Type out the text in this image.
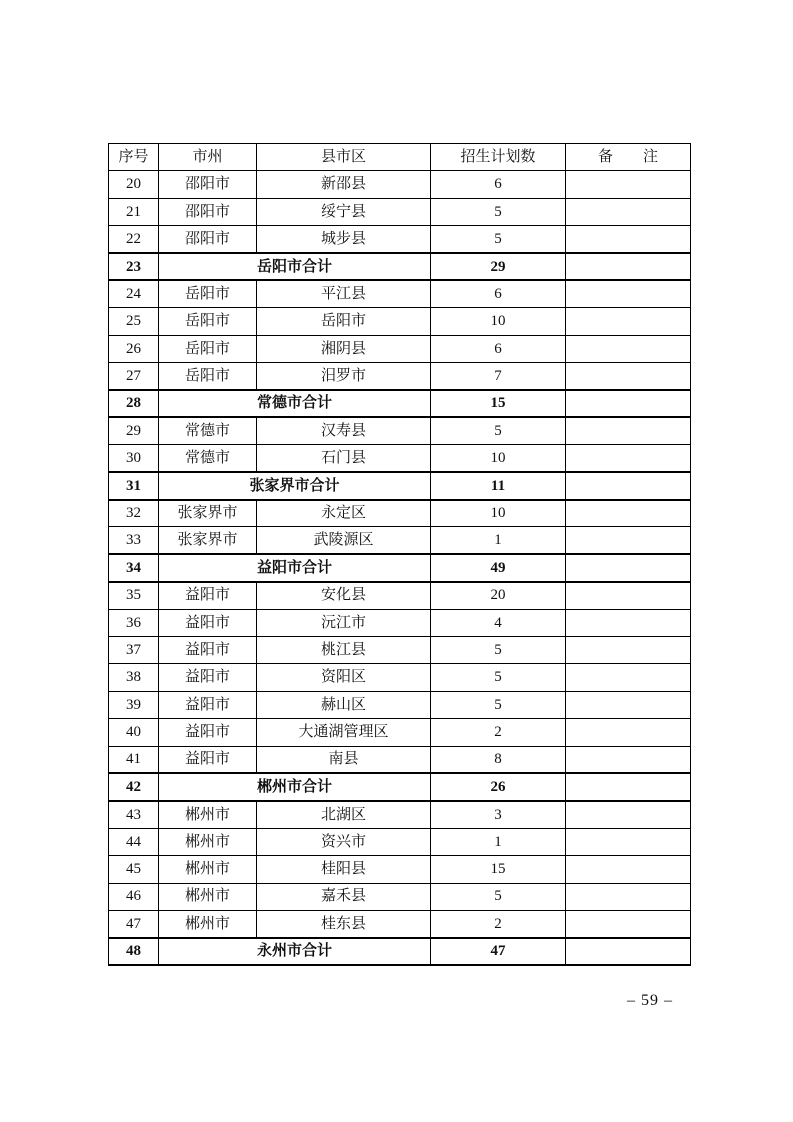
序号	市州	县市区	招生计划数	备　　注
20	邵阳市	新邵县	6	
21	邵阳市	绥宁县	5	
22	邵阳市	城步县	5	
23	岳阳市合计		29	
24	岳阳市	平江县	6	
25	岳阳市	岳阳市	10	
26	岳阳市	湘阴县	6	
27	岳阳市	汨罗市	7	
28	常德市合计		15	
29	常德市	汉寿县	5	
30	常德市	石门县	10	
31	张家界市合计		11	
32	张家界市	永定区	10	
33	张家界市	武陵源区	1	
34	益阳市合计		49	
35	益阳市	安化县	20	
36	益阳市	沅江市	4	
37	益阳市	桃江县	5	
38	益阳市	资阳区	5	
39	益阳市	赫山区	5	
40	益阳市	大通湖管理区	2	
41	益阳市	南县	8	
42	郴州市合计		26	
43	郴州市	北湖区	3	
44	郴州市	资兴市	1	
45	郴州市	桂阳县	15	
46	郴州市	嘉禾县	5	
47	郴州市	桂东县	2	
48	永州市合计		47	
– 59 –
